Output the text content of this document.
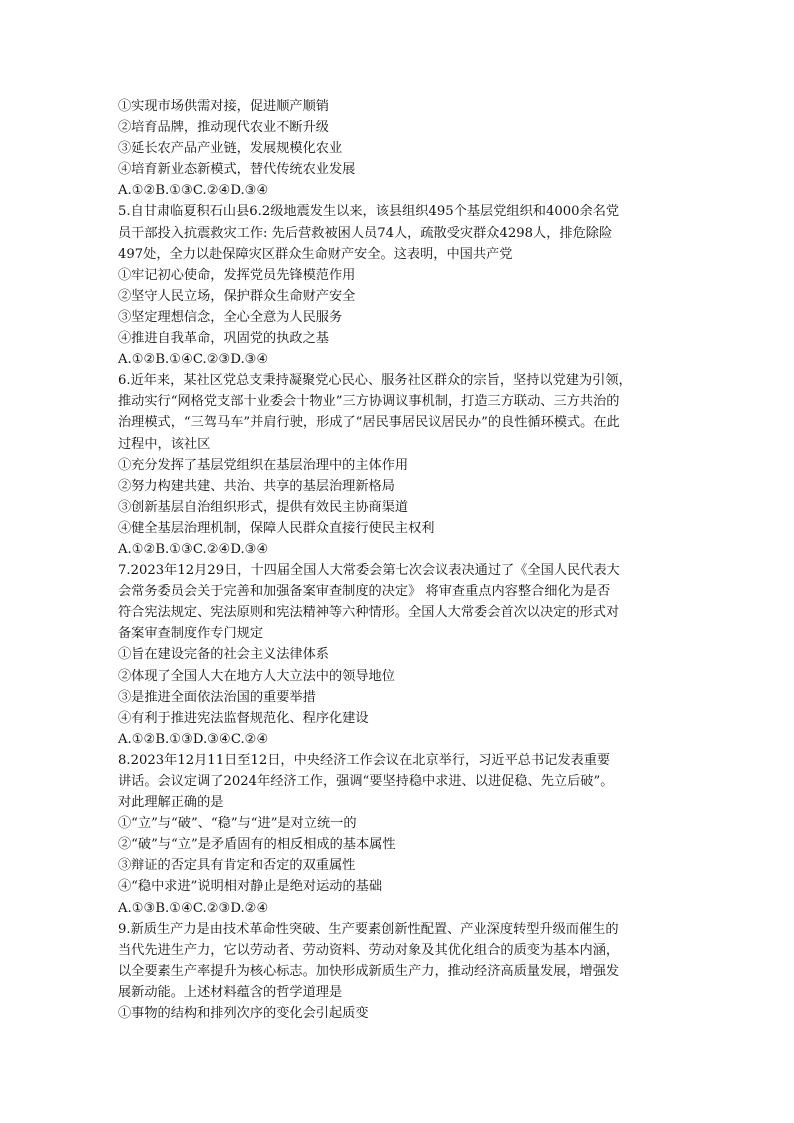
①实现市场供需对接，促进顺产顺销
②培育品牌，推动现代农业不断升级
③延长农产品产业链，发展规模化农业
④培育新业态新模式，替代传统农业发展
A.①②B.①③C.②④D.③④
5.自甘肃临夏积石山县6.2级地震发生以来，该县组织495个基层党组织和4000余名党
员干部投入抗震救灾工作: 先后营救被困人员74人，疏散受灾群众4298人，排危除险
497处，全力以赴保障灾区群众生命财产安全。这表明，中国共产党
①牢记初心使命，发挥党员先锋模范作用
②坚守人民立场，保护群众生命财产安全
③坚定理想信念，全心全意为人民服务
④推进自我革命，巩固党的执政之基
A.①②B.①④C.②③D.③④
6.近年来，某社区党总支秉持凝聚党心民心、服务社区群众的宗旨，坚持以党建为引领，
推动实行“网格党支部十业委会十物业”三方协调议事机制，打造三方联动、三方共治的
治理模式，“三驾马车”并肩行驶，形成了“居民事居民议居民办”的良性循环模式。在此
过程中，该社区
①充分发挥了基层党组织在基层治理中的主体作用
②努力构建共建、共治、共享的基层治理新格局
③创新基层自治组织形式，提供有效民主协商渠道
④健全基层治理机制，保障人民群众直接行使民主权利
A.①②B.①③C.②④D.③④
7.2023年12月29日，十四届全国人大常委会第七次会议表决通过了《全国人民代表大
会常务委员会关于完善和加强备案审查制度的决定》 将审查重点内容整合细化为是否
符合宪法规定、宪法原则和宪法精神等六种情形。全国人大常委会首次以决定的形式对
备案审查制度作专门规定
①旨在建设完备的社会主义法律体系
②体现了全国人大在地方人大立法中的领导地位
③是推进全面依法治国的重要举措
④有利于推进宪法监督规范化、程序化建设
A.①②B.①③D.③④C.②④
8.2023年12月11日至12日，中央经济工作会议在北京举行，习近平总书记发表重要
讲话。会议定调了2024年经济工作，强调“要坚持稳中求进、以进促稳、先立后破”。
对此理解正确的是
①“立”与“破”、“稳”与“进”是对立统一的
②“破”与“立”是矛盾固有的相反相成的基本属性
③辩证的否定具有肯定和否定的双重属性
④“稳中求进”说明相对静止是绝对运动的基础
A.①③B.①④C.②③D.②④
9.新质生产力是由技术革命性突破、生产要素创新性配置、产业深度转型升级而催生的
当代先进生产力，它以劳动者、劳动资料、劳动对象及其优化组合的质变为基本内涵，
以全要素生产率提升为核心标志。加快形成新质生产力，推动经济高质量发展，增强发
展新动能。上述材料蕴含的哲学道理是
①事物的结构和排列次序的变化会引起质变
